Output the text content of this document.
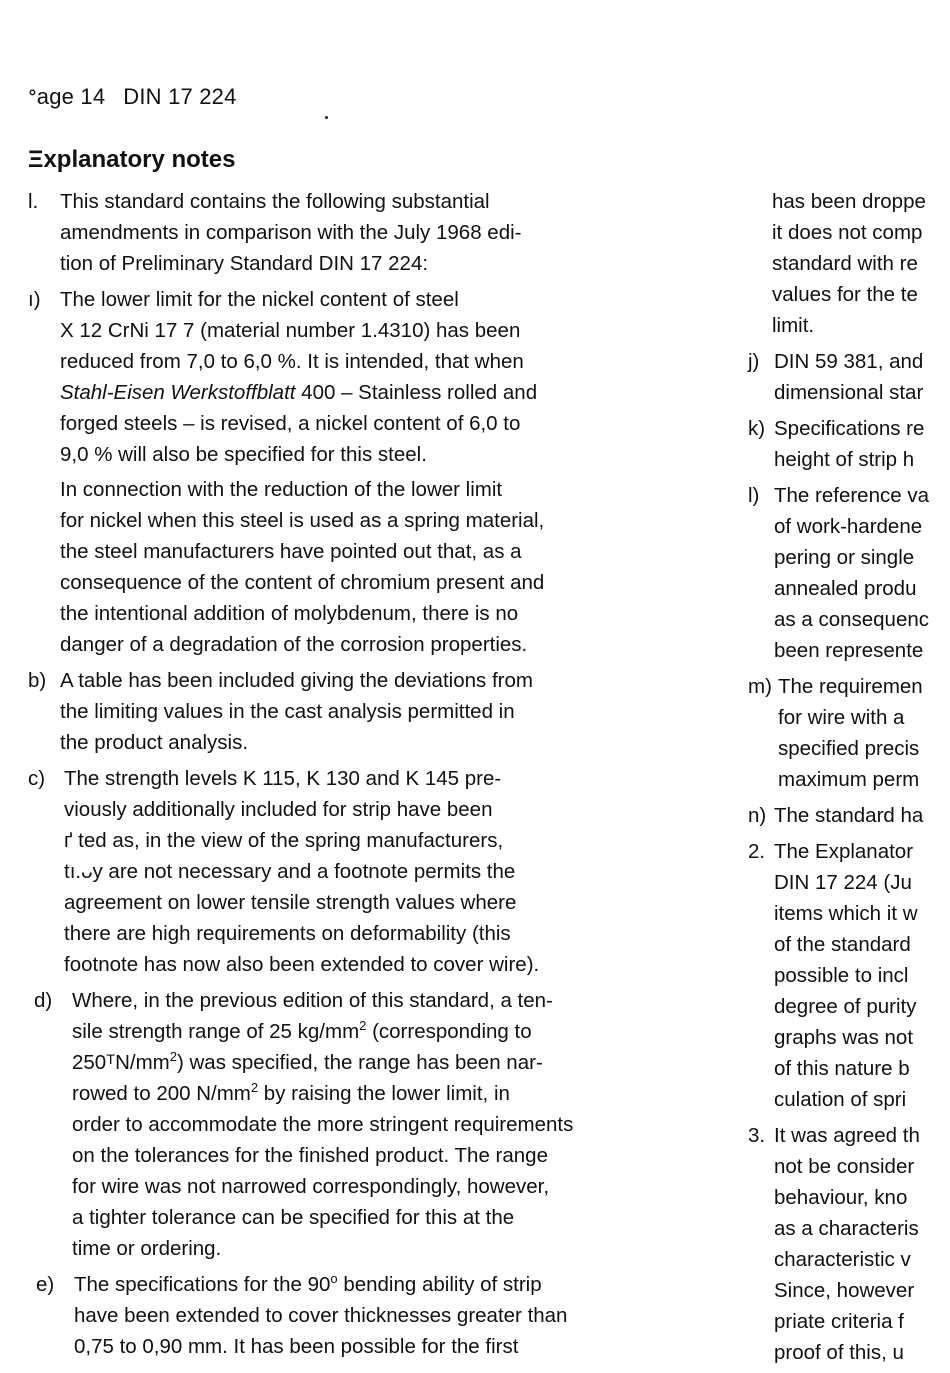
ᐤage 14 DIN 17 224
Ξxplanatory notes
l. This standard contains the following substantial
amendments in comparison with the July 1968 edi-
tion of Preliminary Standard DIN 17 224:
ı) The lower limit for the nickel content of steel
X 12 CrNi 17 7 (material number 1.4310) has been
reduced from 7,0 to 6,0 %. It is intended, that when
Stahl-Eisen Werkstoffblatt 400 – Stainless rolled and
forged steels – is revised, a nickel content of 6,0 to
9,0 % will also be specified for this steel.
In connection with the reduction of the lower limit
for nickel when this steel is used as a spring material,
the steel manufacturers have pointed out that, as a
consequence of the content of chromium present and
the intentional addition of molybdenum, there is no
danger of a degradation of the corrosion properties.
b) A table has been included giving the deviations from
the limiting values in the cast analysis permitted in
the product analysis.
c) The strength levels K 115, K 130 and K 145 pre-
viously additionally included for strip have been
ґ ted as, in the view of the spring manufacturers,
tı.ᴗy are not necessary and a footnote permits the
agreement on lower tensile strength values where
there are high requirements on deformability (this
footnote has now also been extended to cover wire).
d) Where, in the previous edition of this standard, a ten-
sile strength range of 25 $kg/mm^2$ (corresponding to
$250ᵀN/mm^2$) was specified, the range has been nar-
rowed to 200 $N/mm^2$ by raising the lower limit, in
order to accommodate the more stringent requirements
on the tolerances for the finished product. The range
for wire was not narrowed correspondingly, however,
a tighter tolerance can be specified for this at the
time or ordering.
e) The specifications for the 90$^o$ bending ability of strip
have been extended to cover thicknesses greater than
0,75 to 0,90 mm. It has been possible for the first
has been droppe
it does not comp
standard with re
values for the te
limit.
j) DIN 59 381, and
dimensional star
k) Specifications re
height of strip h
l) The reference va
of work-hardene
pering or single
annealed produ
as a consequenc
been represente
m) The requiremen
for wire with a
specified precis
maximum perm
n) The standard ha
2. The Explanator
DIN 17 224 (Ju
items which it w
of the standard
possible to incl
degree of purity
graphs was not
of this nature b
culation of spri
3. It was agreed th
not be consider
behaviour, kno
as a characteris
characteristic v
Since, however
priate criteria f
proof of this, u
